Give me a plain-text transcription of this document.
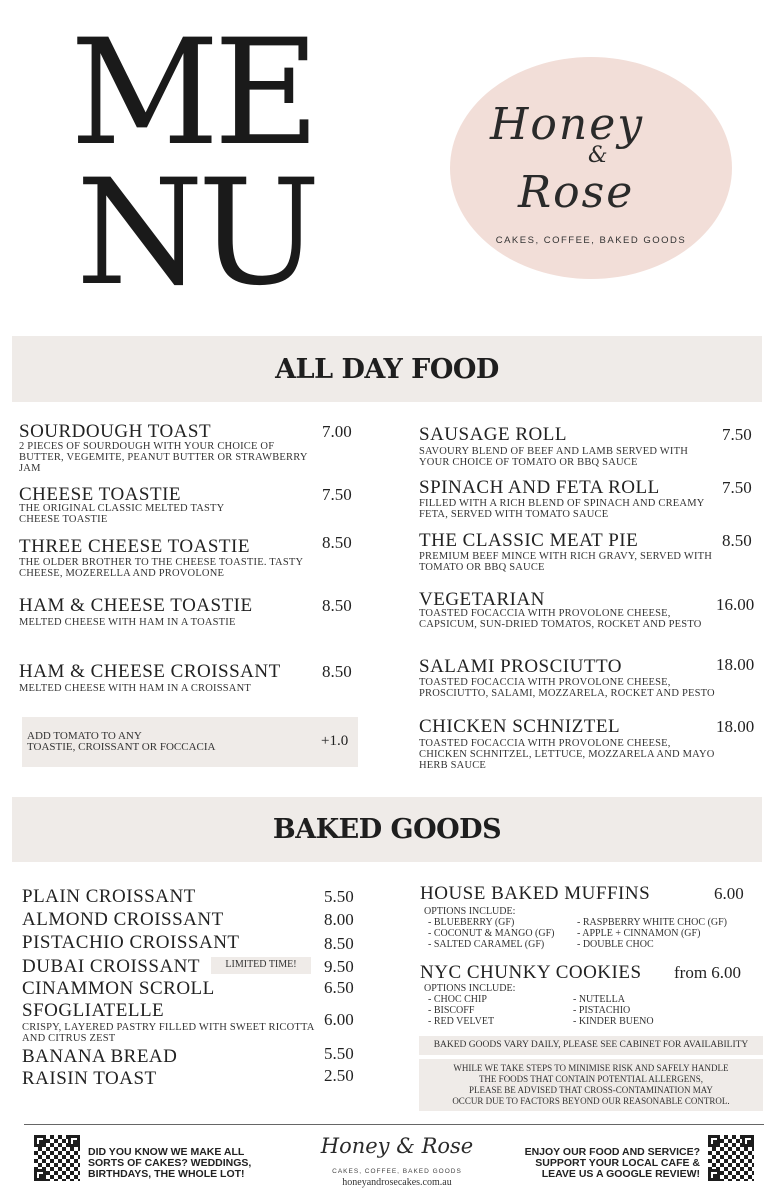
ME
NU
Honey
&
Rose
CAKES, COFFEE, BAKED GOODS
ALL DAY FOOD
SOURDOUGH TOAST	7.00
2 PIECES OF SOURDOUGH WITH YOUR CHOICE OF BUTTER, VEGEMITE, PEANUT BUTTER OR STRAWBERRY JAM
CHEESE TOASTIE	7.50
THE ORIGINAL CLASSIC MELTED TASTY CHEESE TOASTIE
THREE CHEESE TOASTIE	8.50
THE OLDER BROTHER TO THE CHEESE TOASTIE. TASTY CHEESE, MOZERELLA AND PROVOLONE
HAM & CHEESE TOASTIE	8.50
MELTED CHEESE WITH HAM IN A TOASTIE
HAM & CHEESE CROISSANT 8.50
MELTED CHEESE WITH HAM IN A CROISSANT
ADD TOMATO TO ANY
TOASTIE, CROISSANT OR FOCCACIA	+1.0
SAUSAGE ROLL	7.50
SAVOURY BLEND OF BEEF AND LAMB SERVED WITH YOUR CHOICE OF TOMATO OR BBQ SAUCE
SPINACH AND FETA ROLL	7.50
FILLED WITH A RICH BLEND OF SPINACH AND CREAMY FETA, SERVED WITH TOMATO SAUCE
THE CLASSIC MEAT PIE	8.50
PREMIUM BEEF MINCE WITH RICH GRAVY, SERVED WITH TOMATO OR BBQ SAUCE
VEGETARIAN	16.00
TOASTED FOCACCIA WITH PROVOLONE CHEESE, CAPSICUM, SUN-DRIED TOMATOS, ROCKET AND PESTO
SALAMI PROSCIUTTO	18.00
TOASTED FOCACCIA WITH PROVOLONE CHEESE, PROSCIUTTO, SALAMI, MOZZARELA, ROCKET AND PESTO
CHICKEN SCHNIZTEL	18.00
TOASTED FOCACCIA WITH PROVOLONE CHEESE, CHICKEN SCHNITZEL, LETTUCE, MOZZARELA AND MAYO HERB SAUCE
BAKED GOODS
PLAIN CROISSANT	5.50
ALMOND CROISSANT	8.00
PISTACHIO CROISSANT	8.50
DUBAI CROISSANT	LIMITED TIME!	9.50
CINAMMON SCROLL	6.50
SFOGLIATELLE	6.00
CRISPY, LAYERED PASTRY FILLED WITH SWEET RICOTTA AND CITRUS ZEST
BANANA BREAD	5.50
RAISIN TOAST	2.50
HOUSE BAKED MUFFINS	6.00
OPTIONS INCLUDE:
- BLUEBERRY (GF)
- COCONUT & MANGO (GF)
- SALTED CARAMEL (GF)
- RASPBERRY WHITE CHOC (GF)
- APPLE + CINNAMON (GF)
- DOUBLE CHOC
NYC CHUNKY COOKIES from 6.00
OPTIONS INCLUDE:
- CHOC CHIP
- BISCOFF
- RED VELVET
- NUTELLA
- PISTACHIO
- KINDER BUENO
BAKED GOODS VARY DAILY, PLEASE SEE CABINET FOR AVAILABILITY
WHILE WE TAKE STEPS TO MINIMISE RISK AND SAFELY HANDLE
THE FOODS THAT CONTAIN POTENTIAL ALLERGENS,
PLEASE BE ADVISED THAT CROSS-CONTAMINATION MAY
OCCUR DUE TO FACTORS BEYOND OUR REASONABLE CONTROL.
DID YOU KNOW WE MAKE ALL
SORTS OF CAKES? WEDDINGS,
BIRTHDAYS, THE WHOLE LOT!
Honey & Rose
CAKES, COFFEE, BAKED GOODS
honeyandrosecakes.com.au
ENJOY OUR FOOD AND SERVICE?
SUPPORT YOUR LOCAL CAFE &
LEAVE US A GOOGLE REVIEW!
